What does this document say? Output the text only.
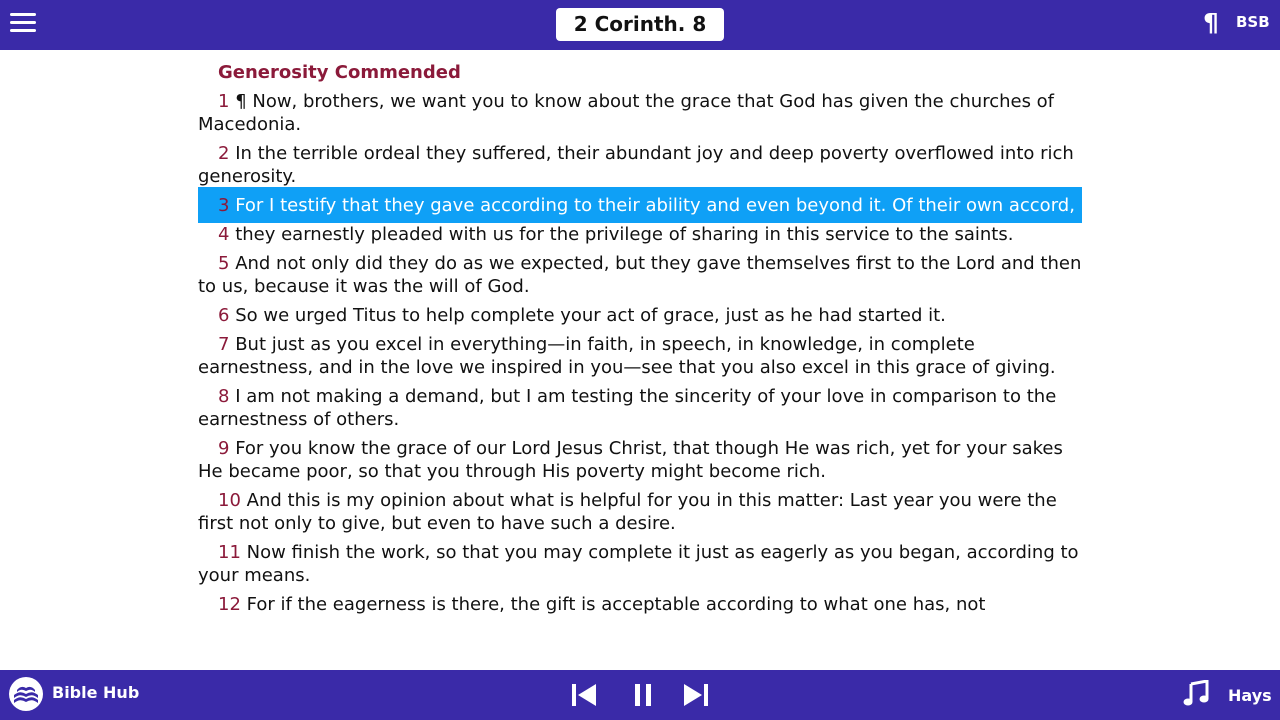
2 Corinth. 8	¶ BSB
Generosity Commended
1 ¶ Now, brothers, we want you to know about the grace that God has given the churches of Macedonia.
2 In the terrible ordeal they suffered, their abundant joy and deep poverty overflowed into rich generosity.
3 For I testify that they gave according to their ability and even beyond it. Of their own accord,
4 they earnestly pleaded with us for the privilege of sharing in this service to the saints.
5 And not only did they do as we expected, but they gave themselves first to the Lord and then to us, because it was the will of God.
6 So we urged Titus to help complete your act of grace, just as he had started it.
7 But just as you excel in everything—in faith, in speech, in knowledge, in complete earnestness, and in the love we inspired in you—see that you also excel in this grace of giving.
8 I am not making a demand, but I am testing the sincerity of your love in comparison to the earnestness of others.
9 For you know the grace of our Lord Jesus Christ, that though He was rich, yet for your sakes He became poor, so that you through His poverty might become rich.
10 And this is my opinion about what is helpful for you in this matter: Last year you were the first not only to give, but even to have such a desire.
11 Now finish the work, so that you may complete it just as eagerly as you began, according to your means.
12 For if the eagerness is there, the gift is acceptable according to what one has, not
Bible Hub	Hays
